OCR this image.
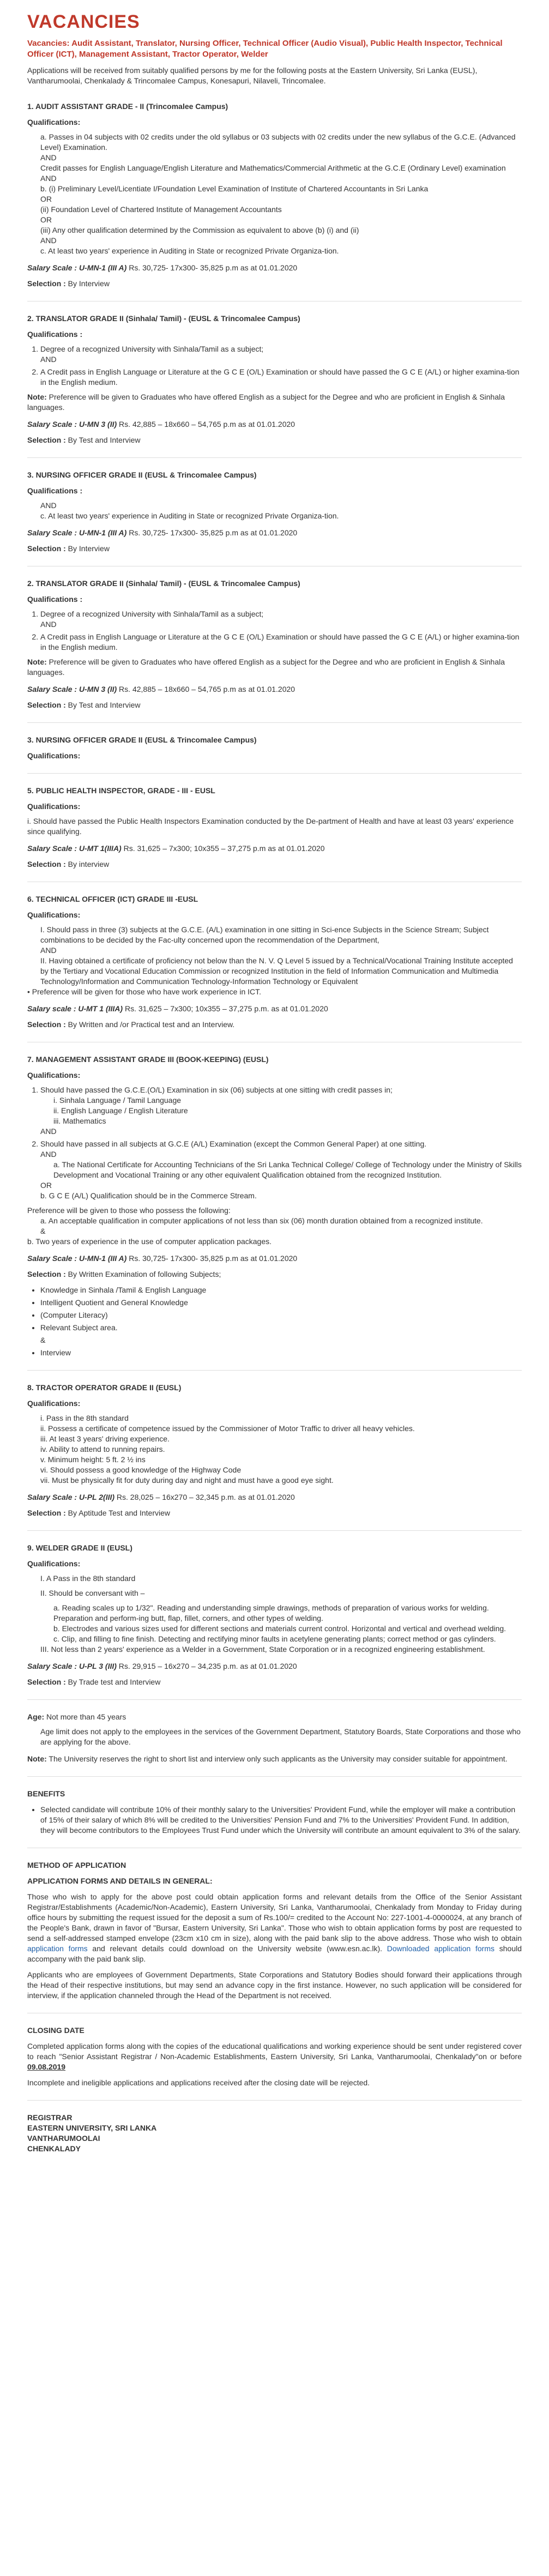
VACANCIES
Vacancies: Audit Assistant, Translator, Nursing Officer, Technical Officer (Audio Visual), Public Health Inspector, Technical Officer (ICT), Management Assistant, Tractor Operator, Welder

Applications will be received from suitably qualified persons by me for the following posts at the Eastern University, Sri Lanka (EUSL), Vantharumoolai, Chenkalady & Trincomalee Campus, Konesapuri, Nilaveli, Trincomalee.

1. AUDIT ASSISTANT GRADE - II (Trincomalee Campus)
Qualifications:
a. Passes in 04 subjects with 02 credits under the old syllabus or 03 subjects with 02 credits under the new syllabus of the G.C.E. (Advanced Level) Examination.
AND
Credit passes for English Language/English Literature and Mathematics/Commercial Arithmetic at the G.C.E (Ordinary Level) examination
AND
b. (i) Preliminary Level/Licentiate I/Foundation Level Examination of Institute of Chartered Accountants in Sri Lanka
OR
(ii) Foundation Level of Chartered Institute of Management Accountants
OR
(iii) Any other qualification determined by the Commission as equivalent to above (b) (i) and (ii)
AND
c. At least two years' experience in Auditing in State or recognized Private Organiza-tion.
Salary Scale : U-MN-1 (III A) Rs. 30,725- 17x300- 35,825 p.m as at 01.01.2020
Selection : By Interview
2. TRANSLATOR GRADE II (Sinhala/ Tamil) - (EUSL & Trincomalee Campus)
Qualifications :
1. Degree of a recognized University with Sinhala/Tamil as a subject;
AND
2. A Credit pass in English Language or Literature at the G C E (O/L) Examination or should have passed the G C E (A/L) or higher examina-tion in the English medium.
Note: Preference will be given to Graduates who have offered English as a subject for the Degree and who are proficient in English & Sinhala languages.
Salary Scale : U-MN 3 (II) Rs. 42,885 – 18x660 – 54,765 p.m as at 01.01.2020
Selection : By Test and Interview
3. NURSING OFFICER GRADE II (EUSL & Trincomalee Campus)
Qualifications :
AND
c. At least two years' experience in Auditing in State or recognized Private Organiza-tion.
Salary Scale : U-MN-1 (III A) Rs. 30,725- 17x300- 35,825 p.m as at 01.01.2020
Selection : By Interview
2. TRANSLATOR GRADE II (Sinhala/ Tamil) - (EUSL & Trincomalee Campus)
Qualifications :
1. Degree of a recognized University with Sinhala/Tamil as a subject;
AND
2. A Credit pass in English Language or Literature at the G C E (O/L) Examination or should have passed the G C E (A/L) or higher examina-tion in the English medium.
Note: Preference will be given to Graduates who have offered English as a subject for the Degree and who are proficient in English & Sinhala languages.
Salary Scale : U-MN 3 (II) Rs. 42,885 – 18x660 – 54,765 p.m as at 01.01.2020
Selection : By Test and Interview
3. NURSING OFFICER GRADE II (EUSL & Trincomalee Campus)
Qualifications:
5. PUBLIC HEALTH INSPECTOR, GRADE - III - EUSL
Qualifications:

i. Should have passed the Public Health Inspectors Examination conducted by the De-partment of Health and have at least 03 years' experience since qualifying.

Salary Scale : U-MT 1(IIIA) Rs. 31,625 – 7x300; 10x355 – 37,275 p.m as at 01.01.2020
Selection : By interview
6. TECHNICAL OFFICER (ICT) GRADE III -EUSL
Qualifications:
I. Should pass in three (3) subjects at the G.C.E. (A/L) examination in one sitting in Sci-ence Subjects in the Science Stream; Subject combinations to be decided by the Fac-ulty concerned upon the recommendation of the Department,
AND
II. Having obtained a certificate of proficiency not below than the N. V. Q Level 5 issued by a Technical/Vocational Training Institute accepted by the Tertiary and Vocational Education Commission or recognized Institution in the field of Information Communication and Multimedia Technology/Information and Communication Technology-Information Technology or Equivalent
• Preference will be given for those who have work experience in ICT.
Salary scale : U-MT 1 (IIIA) Rs. 31,625 – 7x300; 10x355 – 37,275 p.m. as at 01.01.2020
Selection : By Written and /or Practical test and an Interview.
7. MANAGEMENT ASSISTANT GRADE III (BOOK-KEEPING) (EUSL)
Qualifications:
1. Should have passed the G.C.E.(O/L) Examination in six (06) subjects at one sitting with credit passes in;
i. Sinhala Language / Tamil Language
ii. English Language / English Literature
iii. Mathematics
AND
2. Should have passed in all subjects at G.C.E (A/L) Examination (except the Common General Paper) at one sitting.
AND
a. The National Certificate for Accounting Technicians of the Sri Lanka Technical College/ College of Technology under the Ministry of Skills Development and Vocational Training or any other equivalent Qualification obtained from the recognized Institution.
OR
b. G C E (A/L) Qualification should be in the Commerce Stream.
Preference will be given to those who possess the following:
a. An acceptable qualification in computer applications of not less than six (06) month duration obtained from a recognized institute.
&
b. Two years of experience in the use of computer application packages.
Salary Scale : U-MN-1 (III A) Rs. 30,725- 17x300- 35,825 p.m as at 01.01.2020
Selection : By Written Examination of following Subjects;
• Knowledge in Sinhala /Tamil & English Language
• Intelligent Quotient and General Knowledge
• (Computer Literacy)
• Relevant Subject area.
&
• Interview
8. TRACTOR OPERATOR GRADE II (EUSL)
Qualifications:
i. Pass in the 8th standard
ii. Possess a certificate of competence issued by the Commissioner of Motor Traffic to driver all heavy vehicles.
iii. At least 3 years' driving experience.
iv. Ability to attend to running repairs.
v. Minimum height: 5 ft. 2 ½ ins
vi. Should possess a good knowledge of the Highway Code
vii. Must be physically fit for duty during day and night and must have a good eye sight.
Salary Scale : U-PL 2(III) Rs. 28,025 – 16x270 – 32,345 p.m. as at 01.01.2020
Selection : By Aptitude Test and Interview
9. WELDER GRADE II (EUSL)
Qualifications:
I. A Pass in the 8th standard
II. Should be conversant with –
a. Reading scales up to 1/32". Reading and understanding simple drawings, methods of preparation of various works for welding. Preparation and perform-ing butt, flap, fillet, corners, and other types of welding.
b. Electrodes and various sizes used for different sections and materials current control. Horizontal and vertical and overhead welding.
c. Clip, and filling to fine finish. Detecting and rectifying minor faults in acetylene generating plants; correct method or gas cylinders.
III. Not less than 2 years' experience as a Welder in a Government, State Corporation or in a recognized engineering establishment.
Salary Scale : U-PL 3 (III) Rs. 29,915 – 16x270 – 34,235 p.m. as at 01.01.2020
Selection : By Trade test and Interview
Age: Not more than 45 years
Age limit does not apply to the employees in the services of the Government Department, Statutory Boards, State Corporations and those who are applying for the above.
Note: The University reserves the right to short list and interview only such applicants as the University may consider suitable for appointment.
BENEFITS
• Selected candidate will contribute 10% of their monthly salary to the Universities' Provident Fund, while the employer will make a contribution of 15% of their salary of which 8% will be credited to the Universities' Pension Fund and 7% to the Universities' Provident Fund. In addition, they will become contributors to the Employees Trust Fund under which the University will contribute an amount equivalent to 3% of the salary.
METHOD OF APPLICATION
APPLICATION FORMS AND DETAILS IN GENERAL:

Those who wish to apply for the above post could obtain application forms and relevant details from the Office of the Senior Assistant Registrar/Establishments (Academic/Non-Academic), Eastern University, Sri Lanka, Vantharumoolai, Chenkalady from Monday to Friday during office hours by submitting the request issued for the deposit a sum of Rs.100/= credited to the Account No: 227-1001-4-0000024, at any branch of the People's Bank, drawn in favor of "Bursar, Eastern University, Sri Lanka". Those who wish to obtain application forms by post are requested to send a self-addressed stamped envelope (23cm x10 cm in size), along with the paid bank slip to the above address. Those who wish to obtain application forms and relevant details could download on the University website (www.esn.ac.lk). Downloaded application forms should accompany with the paid bank slip.

Applicants who are employees of Government Departments, State Corporations and Statutory Bodies should forward their applications through the Head of their respective institutions, but may send an advance copy in the first instance. However, no such application will be considered for interview, if the application channeled through the Head of the Department is not received.

CLOSING DATE

Completed application forms along with the copies of the educational qualifications and working experience should be sent under registered cover to reach "Senior Assistant Registrar / Non-Academic Establishments, Eastern University, Sri Lanka, Vantharumoolai, Chenkalady"on or before 09.08.2019

Incomplete and ineligible applications and applications received after the closing date will be rejected.

REGISTRAR
EASTERN UNIVERSITY, SRI LANKA
VANTHARUMOOLAI
CHENKALADY
